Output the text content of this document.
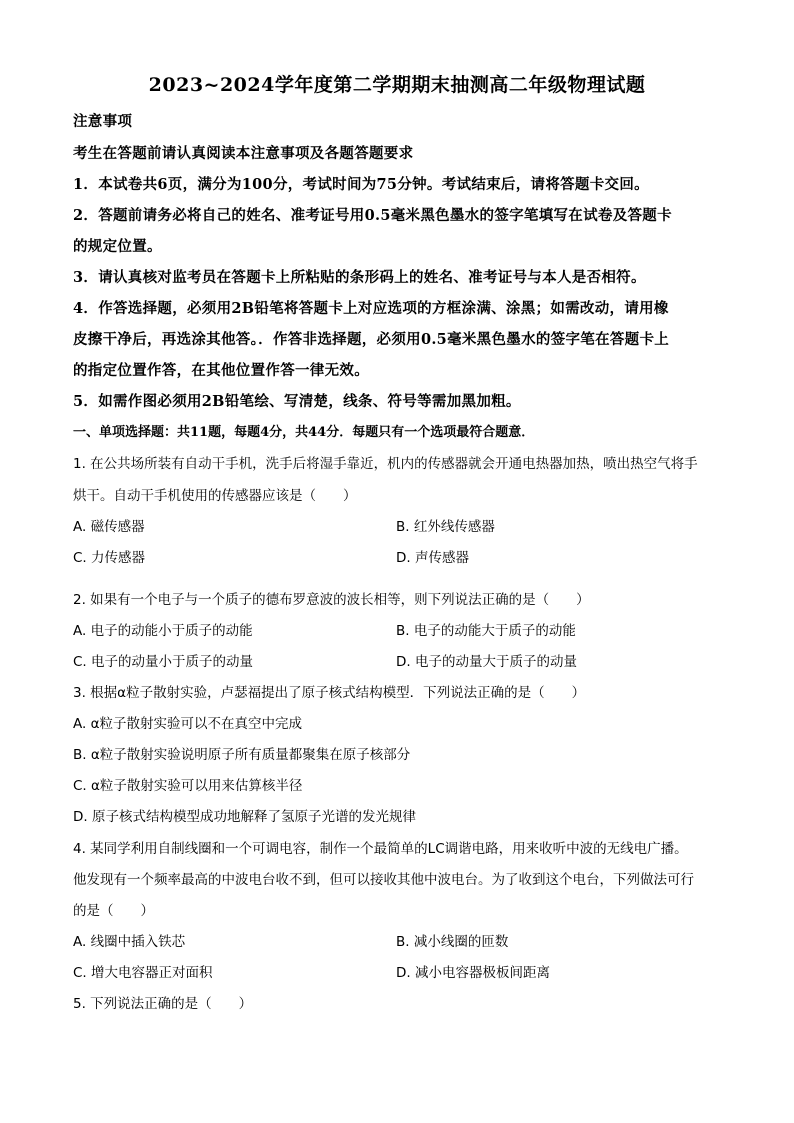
2023~2024学年度第二学期期末抽测高二年级物理试题
注意事项
考生在答题前请认真阅读本注意事项及各题答题要求
1．本试卷共6页，满分为100分，考试时间为75分钟。考试结束后，请将答题卡交回。
2．答题前请务必将自己的姓名、准考证号用0.5毫米黑色墨水的签字笔填写在试卷及答题卡
的规定位置。
3．请认真核对监考员在答题卡上所粘贴的条形码上的姓名、准考证号与本人是否相符。
4．作答选择题，必须用2B铅笔将答题卡上对应选项的方框涂满、涂黑；如需改动，请用橡
皮擦干净后，再选涂其他答。．作答非选择题，必须用0.5毫米黑色墨水的签字笔在答题卡上
的指定位置作答，在其他位置作答一律无效。
5．如需作图必须用2B铅笔绘、写清楚，线条、符号等需加黑加粗。
一、单项选择题：共11题，每题4分，共44分．每题只有一个选项最符合题意．
1. 在公共场所装有自动干手机，洗手后将湿手靠近，机内的传感器就会开通电热器加热，喷出热空气将手
烘干。自动干手机使用的传感器应该是（　　）
A. 磁传感器	B. 红外线传感器
C. 力传感器	D. 声传感器
2. 如果有一个电子与一个质子的德布罗意波的波长相等，则下列说法正确的是（　　）
A. 电子的动能小于质子的动能	B. 电子的动能大于质子的动能
C. 电子的动量小于质子的动量	D. 电子的动量大于质子的动量
3. 根据α粒子散射实验，卢瑟福提出了原子核式结构模型．下列说法正确的是（　　）
A. α粒子散射实验可以不在真空中完成
B. α粒子散射实验说明原子所有质量都聚集在原子核部分
C. α粒子散射实验可以用来估算核半径
D. 原子核式结构模型成功地解释了氢原子光谱的发光规律
4. 某同学利用自制线圈和一个可调电容，制作一个最简单的LC调谐电路，用来收听中波的无线电广播。
他发现有一个频率最高的中波电台收不到，但可以接收其他中波电台。为了收到这个电台，下列做法可行
的是（　　）
A. 线圈中插入铁芯	B. 减小线圈的匝数
C. 增大电容器正对面积	D. 减小电容器极板间距离
5. 下列说法正确的是（　　）
